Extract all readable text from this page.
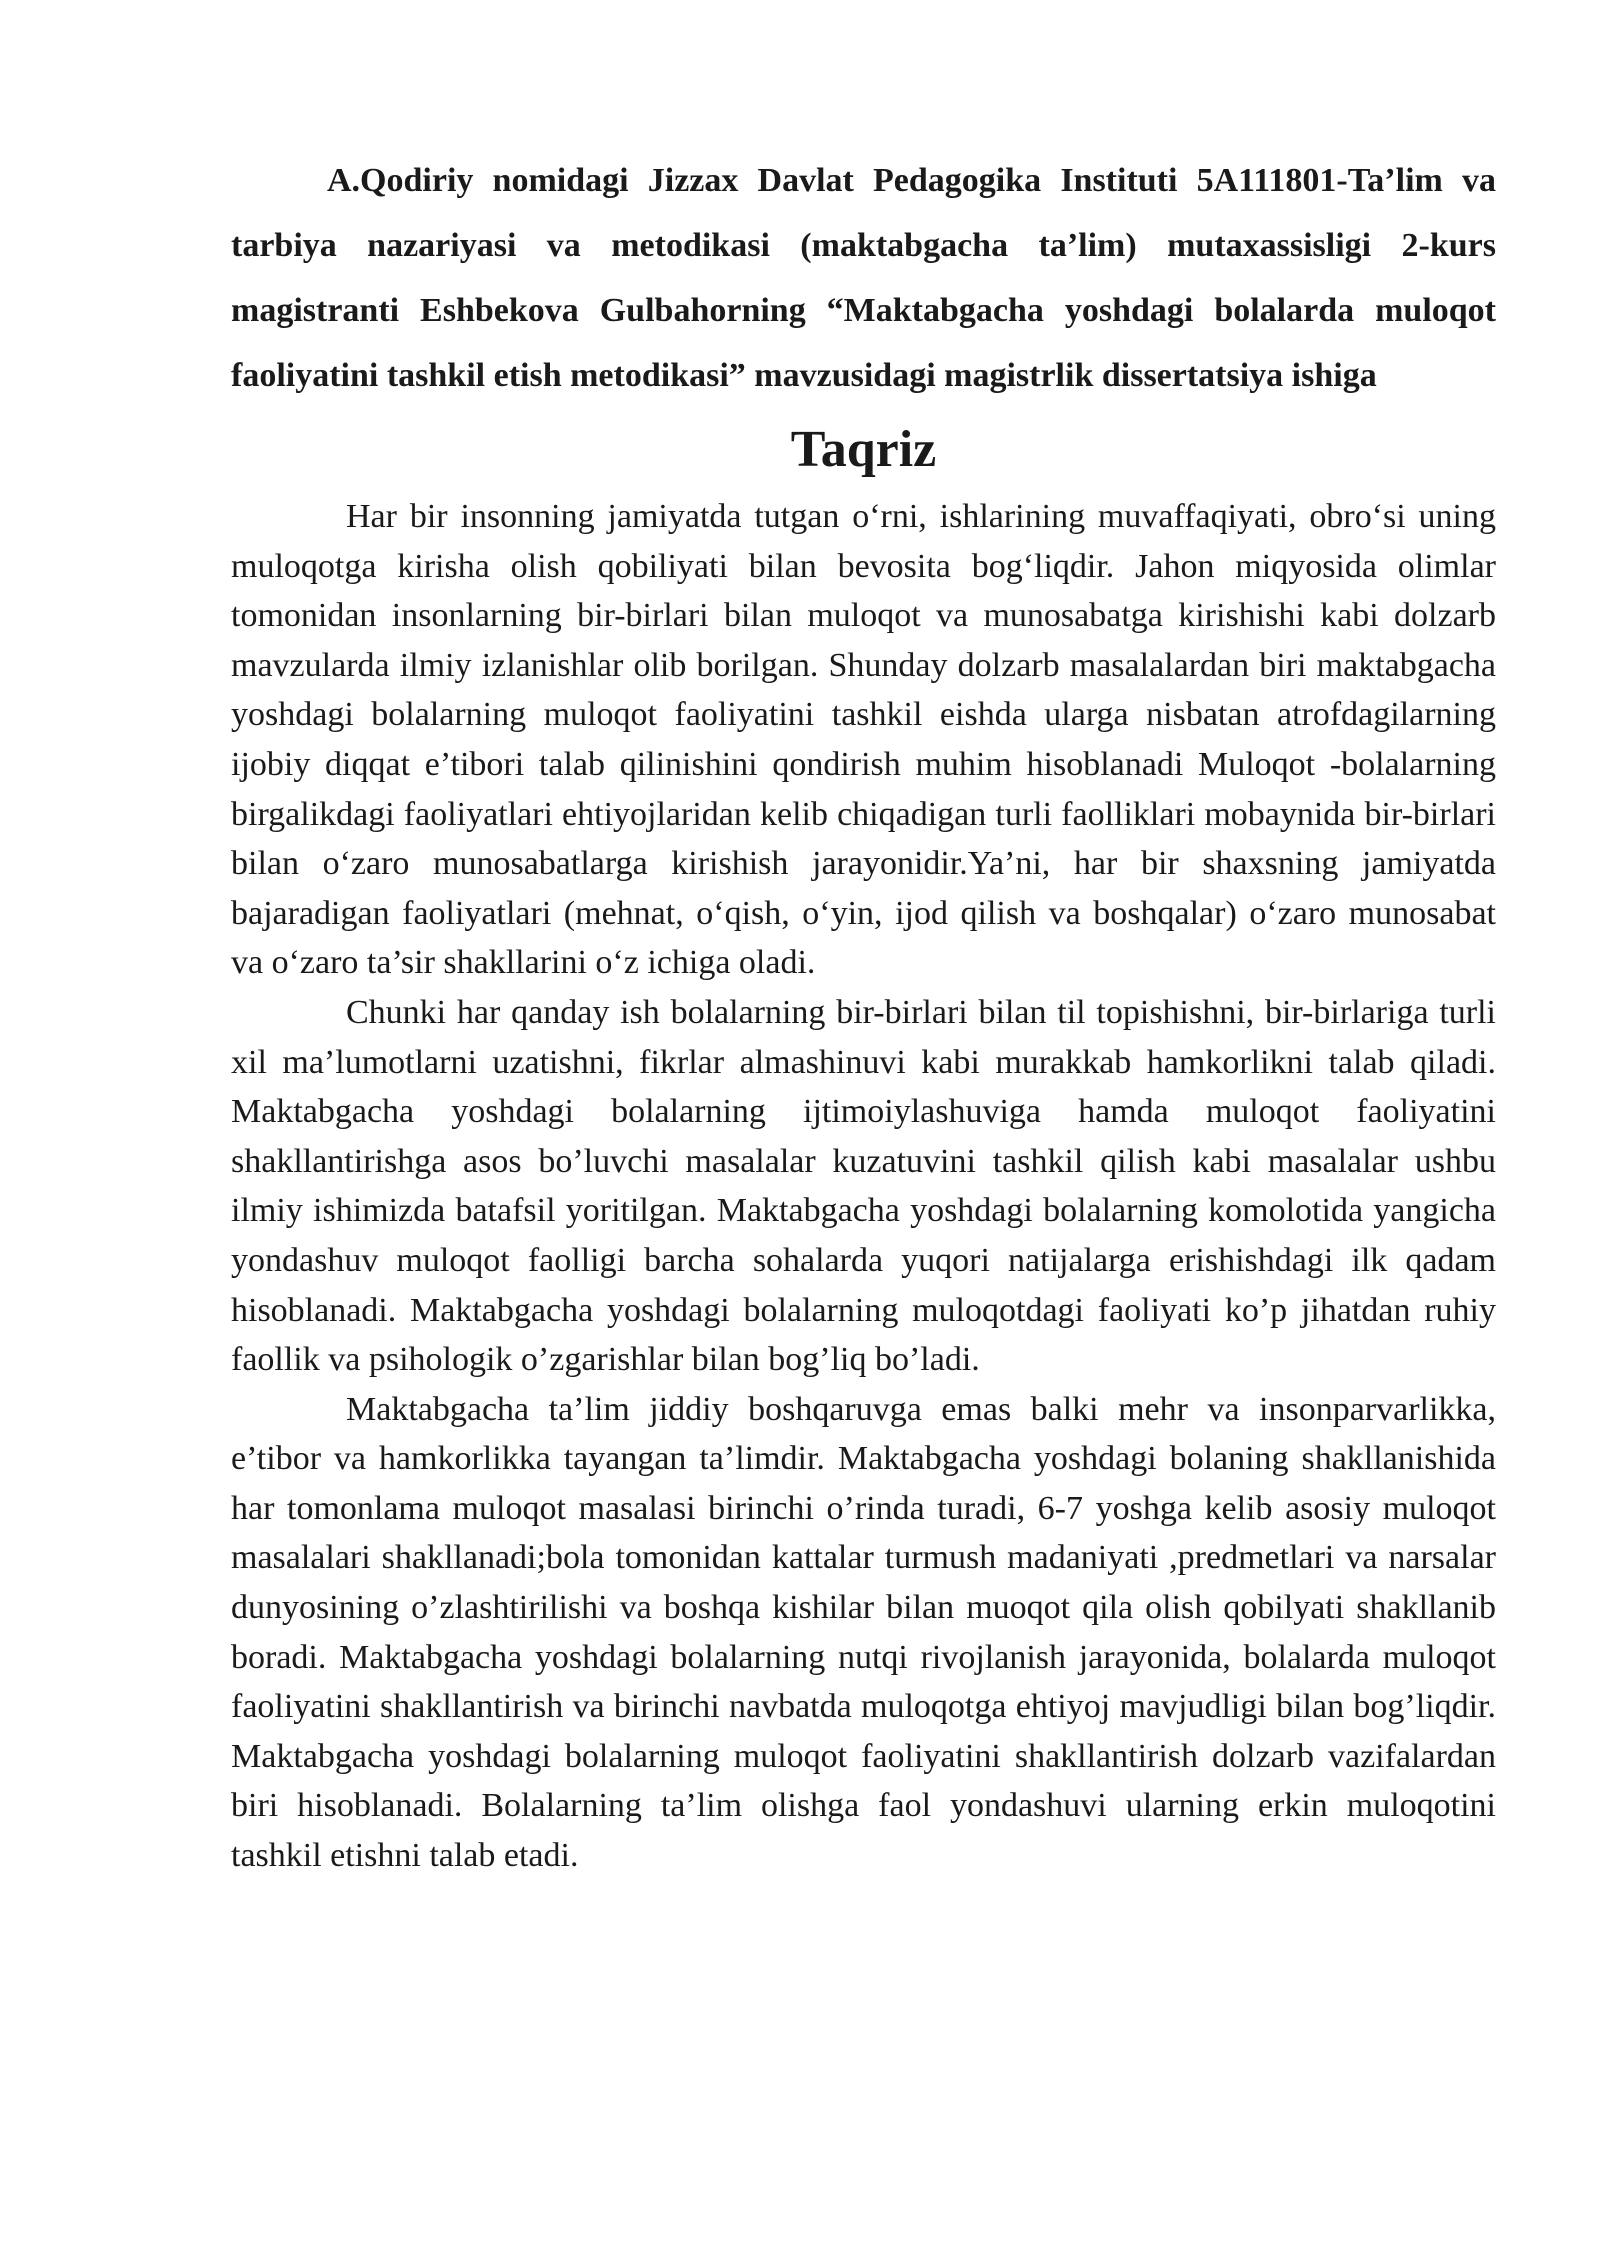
A.Qodiriy nomidagi Jizzax Davlat Pedagogika Instituti 5A111801-Ta’lim va tarbiya nazariyasi va metodikasi (maktabgacha ta’lim) mutaxassisligi 2-kurs magistranti Eshbekova Gulbahorning “Maktabgacha yoshdagi bolalarda muloqot faoliyatini tashkil etish metodikasi” mavzusidagi magistrlik dissertatsiya ishiga

Taqriz

Har bir insonning jamiyatda tutgan o‘rni, ishlarining muvaffaqiyati, obro‘si uning muloqotga kirisha olish qobiliyati bilan bevosita bog‘liqdir. Jahon miqyosida olimlar tomonidan insonlarning bir-birlari bilan muloqot va munosabatga kirishishi kabi dolzarb mavzularda ilmiy izlanishlar olib borilgan. Shunday dolzarb masalalardan biri maktabgacha yoshdagi bolalarning muloqot faoliyatini tashkil eishda ularga nisbatan atrofdagilarning ijobiy diqqat e’tibori talab qilinishini qondirish muhim hisoblanadi Muloqot -bolalarning birgalikdagi faoliyatlari ehtiyojlaridan kelib chiqadigan turli faolliklari mobaynida bir-birlari bilan o‘zaro munosabatlarga kirishish jarayonidir.Ya’ni, har bir shaxsning jamiyatda bajaradigan faoliyatlari (mehnat, o‘qish, o‘yin, ijod qilish va boshqalar) o‘zaro munosabat va o‘zaro ta’sir shakllarini o‘z ichiga oladi.

Chunki har qanday ish bolalarning bir-birlari bilan til topishishni, bir-birlariga turli xil ma’lumotlarni uzatishni, fikrlar almashinuvi kabi murakkab hamkorlikni talab qiladi. Maktabgacha yoshdagi bolalarning ijtimoiylashuviga hamda muloqot faoliyatini shakllantirishga asos bo’luvchi masalalar kuzatuvini tashkil qilish kabi masalalar ushbu ilmiy ishimizda batafsil yoritilgan. Maktabgacha yoshdagi bolalarning komolotida yangicha yondashuv muloqot faolligi barcha sohalarda yuqori natijalarga erishishdagi ilk qadam hisoblanadi. Maktabgacha yoshdagi bolalarning muloqotdagi faoliyati ko’p jihatdan ruhiy faollik va psihologik o’zgarishlar bilan bog’liq bo’ladi.

Maktabgacha ta’lim jiddiy boshqaruvga emas balki mehr va insonparvarlikka, e’tibor va hamkorlikka tayangan ta’limdir. Maktabgacha yoshdagi bolaning shakllanishida har tomonlama muloqot masalasi birinchi o’rinda turadi, 6-7 yoshga kelib asosiy muloqot masalalari shakllanadi;bola tomonidan kattalar turmush madaniyati ,predmetlari va narsalar dunyosining o’zlashtirilishi va boshqa kishilar bilan muoqot qila olish qobilyati shakllanib boradi. Maktabgacha yoshdagi bolalarning nutqi rivojlanish jarayonida, bolalarda muloqot faoliyatini shakllantirish va birinchi navbatda muloqotga ehtiyoj mavjudligi bilan bog’liqdir. Maktabgacha yoshdagi bolalarning muloqot faoliyatini shakllantirish dolzarb vazifalardan biri hisoblanadi. Bolalarning ta’lim olishga faol yondashuvi ularning erkin muloqotini tashkil etishni talab etadi.
